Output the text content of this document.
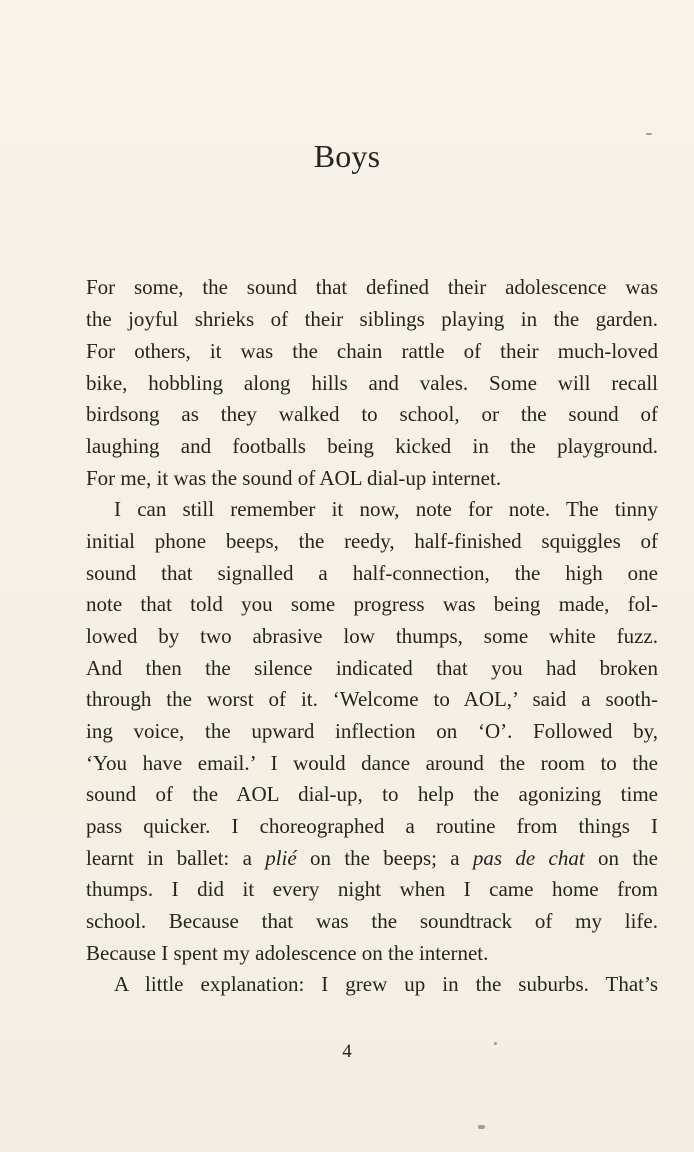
Boys
For some, the sound that defined their adolescence was
the joyful shrieks of their siblings playing in the garden.
For others, it was the chain rattle of their much-loved
bike, hobbling along hills and vales. Some will recall
birdsong as they walked to school, or the sound of
laughing and footballs being kicked in the playground.
For me, it was the sound of AOL dial-up internet.
I can still remember it now, note for note. The tinny
initial phone beeps, the reedy, half-finished squiggles of
sound that signalled a half-connection, the high one
note that told you some progress was being made, fol-
lowed by two abrasive low thumps, some white fuzz.
And then the silence indicated that you had broken
through the worst of it. ‘Welcome to AOL,’ said a sooth-
ing voice, the upward inflection on ‘O’. Followed by,
‘You have email.’ I would dance around the room to the
sound of the AOL dial-up, to help the agonizing time
pass quicker. I choreographed a routine from things I
learnt in ballet: a plié on the beeps; a pas de chat on the
thumps. I did it every night when I came home from
school. Because that was the soundtrack of my life.
Because I spent my adolescence on the internet.
A little explanation: I grew up in the suburbs. That’s
4
